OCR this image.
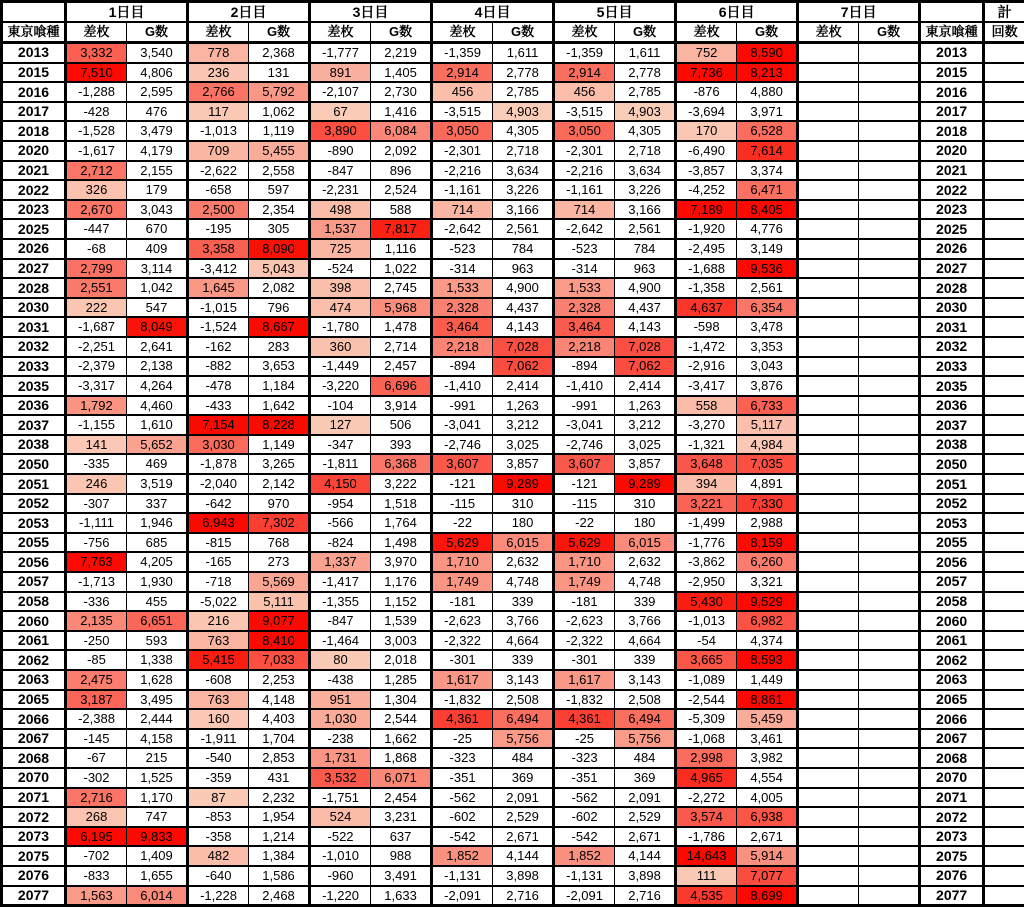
	1日目		2日目		3日目		4日目		5日目		6日目		7日目			計
東京喰種	差枚	G数	差枚	G数	差枚	G数	差枚	G数	差枚	G数	差枚	G数	差枚	G数	東京喰種	回数
2013	3,332	3,540	778	2,368	-1,777	2,219	-1,359	1,611	-1,359	1,611	752	8,590			2013	
2015	7,510	4,806	236	131	891	1,405	2,914	2,778	2,914	2,778	7,736	8,213			2015	
2016	-1,288	2,595	2,766	5,792	-2,107	2,730	456	2,785	456	2,785	-876	4,880			2016	
2017	-428	476	117	1,062	67	1,416	-3,515	4,903	-3,515	4,903	-3,694	3,971			2017	
2018	-1,528	3,479	-1,013	1,119	3,890	6,084	3,050	4,305	3,050	4,305	170	6,528			2018	
2020	-1,617	4,179	709	5,455	-890	2,092	-2,301	2,718	-2,301	2,718	-6,490	7,614			2020	
2021	2,712	2,155	-2,622	2,558	-847	896	-2,216	3,634	-2,216	3,634	-3,857	3,374			2021	
2022	326	179	-658	597	-2,231	2,524	-1,161	3,226	-1,161	3,226	-4,252	6,471			2022	
2023	2,670	3,043	2,500	2,354	498	588	714	3,166	714	3,166	7,189	8,405			2023	
2025	-447	670	-195	305	1,537	7,817	-2,642	2,561	-2,642	2,561	-1,920	4,776			2025	
2026	-68	409	3,358	8,090	725	1,116	-523	784	-523	784	-2,495	3,149			2026	
2027	2,799	3,114	-3,412	5,043	-524	1,022	-314	963	-314	963	-1,688	9,536			2027	
2028	2,551	1,042	1,645	2,082	398	2,745	1,533	4,900	1,533	4,900	-1,358	2,561			2028	
2030	222	547	-1,015	796	474	5,968	2,328	4,437	2,328	4,437	4,637	6,354			2030	
2031	-1,687	8,049	-1,524	8,667	-1,780	1,478	3,464	4,143	3,464	4,143	-598	3,478			2031	
2032	-2,251	2,641	-162	283	360	2,714	2,218	7,028	2,218	7,028	-1,472	3,353			2032	
2033	-2,379	2,138	-882	3,653	-1,449	2,457	-894	7,062	-894	7,062	-2,916	3,043			2033	
2035	-3,317	4,264	-478	1,184	-3,220	6,696	-1,410	2,414	-1,410	2,414	-3,417	3,876			2035	
2036	1,792	4,460	-433	1,642	-104	3,914	-991	1,263	-991	1,263	558	6,733			2036	
2037	-1,155	1,610	7,154	8,228	127	506	-3,041	3,212	-3,041	3,212	-3,270	5,117			2037	
2038	141	5,652	3,030	1,149	-347	393	-2,746	3,025	-2,746	3,025	-1,321	4,984			2038	
2050	-335	469	-1,878	3,265	-1,811	6,368	3,607	3,857	3,607	3,857	3,648	7,035			2050	
2051	246	3,519	-2,040	2,142	4,150	3,222	-121	9,289	-121	9,289	394	4,891			2051	
2052	-307	337	-642	970	-954	1,518	-115	310	-115	310	3,221	7,330			2052	
2053	-1,111	1,946	6,943	7,302	-566	1,764	-22	180	-22	180	-1,499	2,988			2053	
2055	-756	685	-815	768	-824	1,498	5,629	6,015	5,629	6,015	-1,776	8,159			2055	
2056	7,763	4,205	-165	273	1,337	3,970	1,710	2,632	1,710	2,632	-3,862	6,260			2056	
2057	-1,713	1,930	-718	5,569	-1,417	1,176	1,749	4,748	1,749	4,748	-2,950	3,321			2057	
2058	-336	455	-5,022	5,111	-1,355	1,152	-181	339	-181	339	5,430	9,529			2058	
2060	2,135	6,651	216	9,077	-847	1,539	-2,623	3,766	-2,623	3,766	-1,013	6,982			2060	
2061	-250	593	763	8,410	-1,464	3,003	-2,322	4,664	-2,322	4,664	-54	4,374			2061	
2062	-85	1,338	5,415	7,033	80	2,018	-301	339	-301	339	3,665	8,593			2062	
2063	2,475	1,628	-608	2,253	-438	1,285	1,617	3,143	1,617	3,143	-1,089	1,449			2063	
2065	3,187	3,495	763	4,148	951	1,304	-1,832	2,508	-1,832	2,508	-2,544	8,861			2065	
2066	-2,388	2,444	160	4,403	1,030	2,544	4,361	6,494	4,361	6,494	-5,309	5,459			2066	
2067	-145	4,158	-1,911	1,704	-238	1,662	-25	5,756	-25	5,756	-1,068	3,461			2067	
2068	-67	215	-540	2,853	1,731	1,868	-323	484	-323	484	2,998	3,982			2068	
2070	-302	1,525	-359	431	3,532	6,071	-351	369	-351	369	4,965	4,554			2070	
2071	2,716	1,170	87	2,232	-1,751	2,454	-562	2,091	-562	2,091	-2,272	4,005			2071	
2072	268	747	-853	1,954	524	3,231	-602	2,529	-602	2,529	3,574	6,938			2072	
2073	6,195	9,833	-358	1,214	-522	637	-542	2,671	-542	2,671	-1,786	2,671			2073	
2075	-702	1,409	482	1,384	-1,010	988	1,852	4,144	1,852	4,144	14,643	5,914			2075	
2076	-833	1,655	-640	1,586	-960	3,491	-1,131	3,898	-1,131	3,898	111	7,077			2076	
2077	1,563	6,014	-1,228	2,468	-1,220	1,633	-2,091	2,716	-2,091	2,716	4,535	8,699			2077	
